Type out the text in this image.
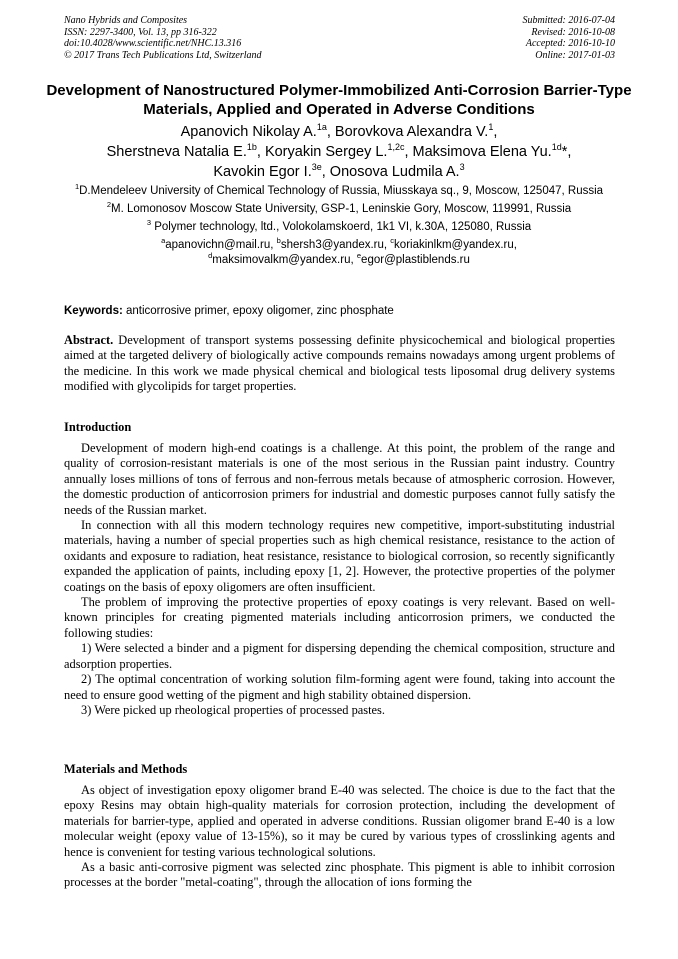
Nano Hybrids and Composites
ISSN: 2297-3400, Vol. 13, pp 316-322
doi:10.4028/www.scientific.net/NHC.13.316
© 2017 Trans Tech Publications Ltd, Switzerland
Submitted: 2016-07-04
Revised: 2016-10-08
Accepted: 2016-10-10
Online: 2017-01-03
Development of Nanostructured Polymer-Immobilized Anti-Corrosion Barrier-Type Materials, Applied and Operated in Adverse Conditions
Apanovich Nikolay A.$^{1a}$, Borovkova Alexandra V.$^1$,
Sherstneva Natalia E.$^{1b}$, Koryakin Sergey L.$^{1,2c}$, Maksimova Elena Yu.$^{1d}$*,
Kavokin Egor I.$^{3e}$, Onosova Ludmila A.$^3$
$^1$D.Mendeleev University of Chemical Technology of Russia, Miusskaya sq., 9, Moscow, 125047, Russia
$^2$M. Lomonosov Moscow State University, GSP-1, Leninskie Gory, Moscow, 119991, Russia
$^3$ Polymer technology, ltd., Volokolamskoerd, 1k1 VI, k.30A, 125080, Russia
$^a$apanovichn@mail.ru, $^b$shersh3@yandex.ru, $^c$koriakinlkm@yandex.ru,
$^d$maksimovalkm@yandex.ru, $^e$egor@plastiblends.ru
Keywords: anticorrosive primer, epoxy oligomer, zinc phosphate

Abstract. Development of transport systems possessing definite physicochemical and biological properties aimed at the targeted delivery of biologically active compounds remains nowadays among urgent problems of the medicine. In this work we made physical chemical and biological tests liposomal drug delivery systems modified with glycolipids for target properties.

Introduction

Development of modern high-end coatings is a challenge. At this point, the problem of the range and quality of corrosion-resistant materials is one of the most serious in the Russian paint industry. Country annually loses millions of tons of ferrous and non-ferrous metals because of atmospheric corrosion. However, the domestic production of anticorrosion primers for industrial and domestic purposes cannot fully satisfy the needs of the Russian market.

In connection with all this modern technology requires new competitive, import-substituting industrial materials, having a number of special properties such as high chemical resistance, resistance to the action of oxidants and exposure to radiation, heat resistance, resistance to biological corrosion, so recently significantly expanded the application of paints, including epoxy [1, 2]. However, the protective properties of the polymer coatings on the basis of epoxy oligomers are often insufficient.

The problem of improving the protective properties of epoxy coatings is very relevant. Based on well-known principles for creating pigmented materials including anticorrosion primers, we conducted the following studies:

1) Were selected a binder and a pigment for dispersing depending the chemical composition, structure and adsorption properties.

2) The optimal concentration of working solution film-forming agent were found, taking into account the need to ensure good wetting of the pigment and high stability obtained dispersion.

3) Were picked up rheological properties of processed pastes.

Materials and Methods

As object of investigation epoxy oligomer brand E-40 was selected. The choice is due to the fact that the epoxy Resins may obtain high-quality materials for corrosion protection, including the development of materials for barrier-type, applied and operated in adverse conditions. Russian oligomer brand E-40 is a low molecular weight (epoxy value of 13-15%), so it may be cured by various types of crosslinking agents and hence is convenient for testing various technological solutions.

As a basic anti-corrosive pigment was selected zinc phosphate. This pigment is able to inhibit corrosion processes at the border "metal-coating", through the allocation of ions forming the
